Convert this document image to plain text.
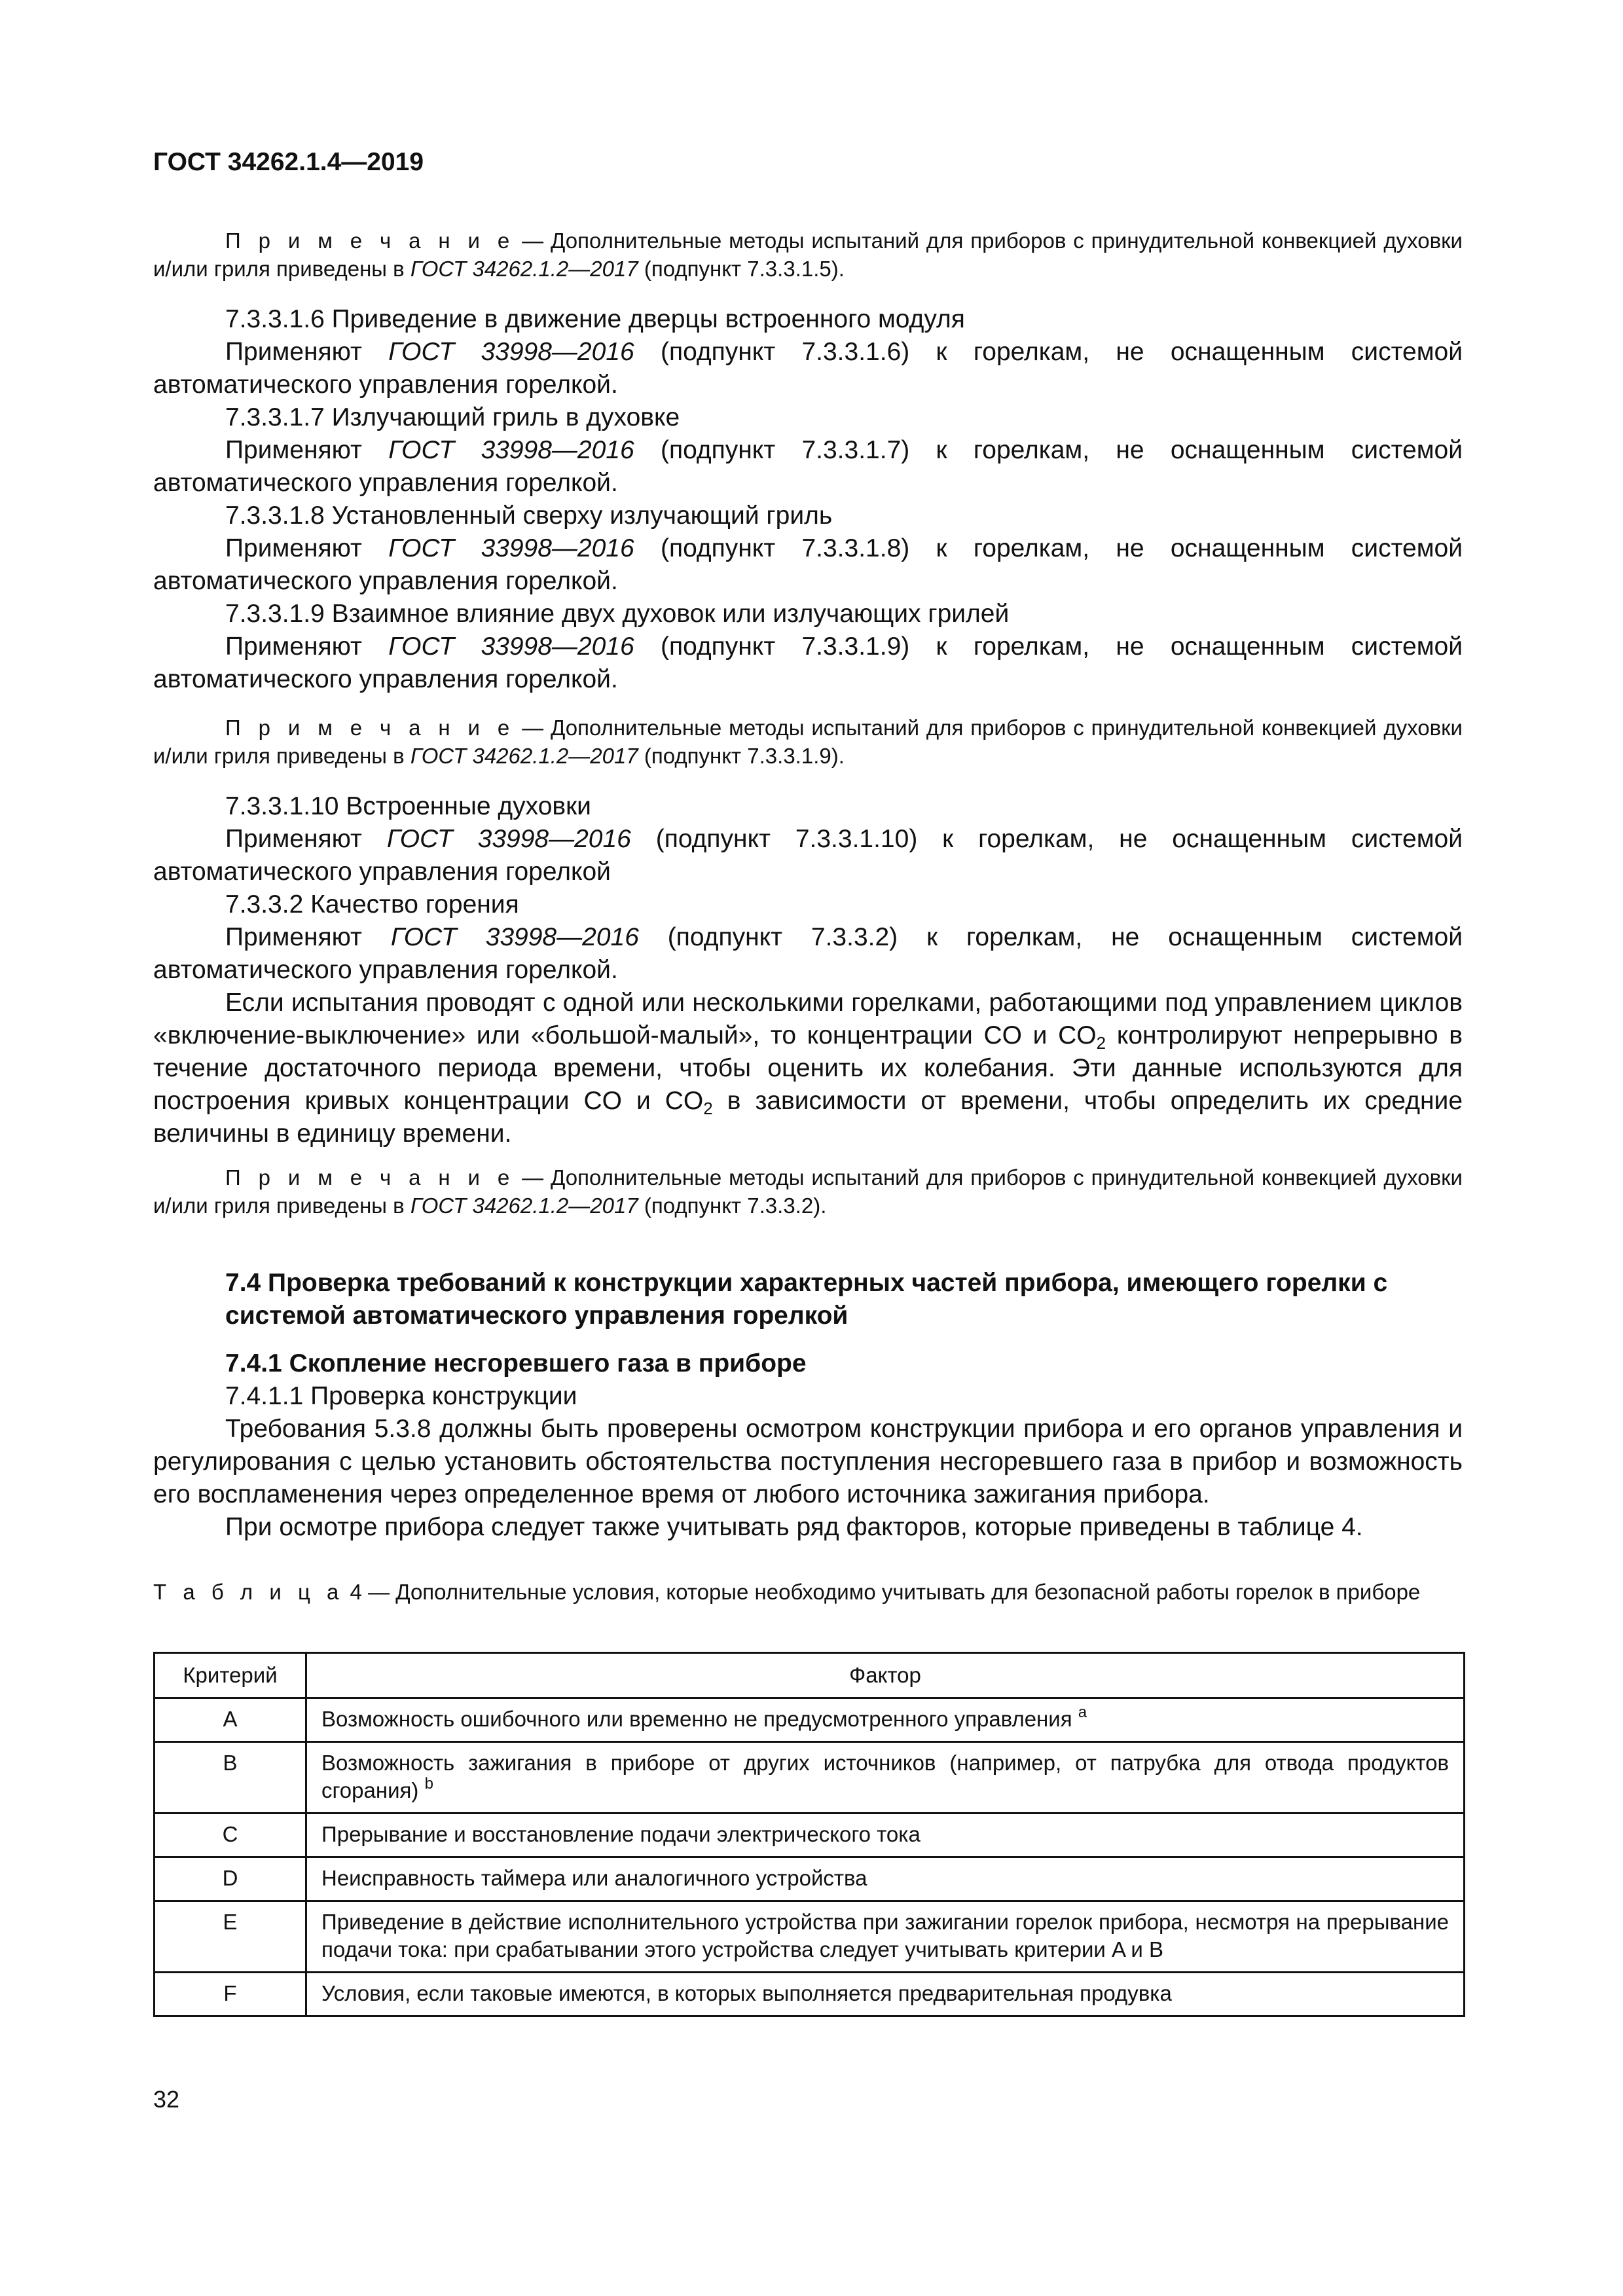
ГОСТ 34262.1.4—2019

П р и м е ч а н и е — Дополнительные методы испытаний для приборов с принудительной конвекцией духовки и/или гриля приведены в ГОСТ 34262.1.2—2017 (подпункт 7.3.3.1.5).

7.3.3.1.6 Приведение в движение дверцы встроенного модуля

Применяют ГОСТ 33998—2016 (подпункт 7.3.3.1.6) к горелкам, не оснащенным системой автоматического управления горелкой.

7.3.3.1.7 Излучающий гриль в духовке

Применяют ГОСТ 33998—2016 (подпункт 7.3.3.1.7) к горелкам, не оснащенным системой автоматического управления горелкой.

7.3.3.1.8 Установленный сверху излучающий гриль

Применяют ГОСТ 33998—2016 (подпункт 7.3.3.1.8) к горелкам, не оснащенным системой автоматического управления горелкой.

7.3.3.1.9 Взаимное влияние двух духовок или излучающих грилей

Применяют ГОСТ 33998—2016 (подпункт 7.3.3.1.9) к горелкам, не оснащенным системой автоматического управления горелкой.

П р и м е ч а н и е — Дополнительные методы испытаний для приборов с принудительной конвекцией духовки и/или гриля приведены в ГОСТ 34262.1.2—2017 (подпункт 7.3.3.1.9).

7.3.3.1.10 Встроенные духовки

Применяют ГОСТ 33998—2016 (подпункт 7.3.3.1.10) к горелкам, не оснащенным системой автоматического управления горелкой

7.3.3.2 Качество горения

Применяют ГОСТ 33998—2016 (подпункт 7.3.3.2) к горелкам, не оснащенным системой автоматического управления горелкой.

Если испытания проводят с одной или несколькими горелками, работающими под управлением циклов «включение-выключение» или «большой-малый», то концентрации CO и $CO_2$ контролируют непрерывно в течение достаточного периода времени, чтобы оценить их колебания. Эти данные используются для построения кривых концентрации CO и $CO_2$ в зависимости от времени, чтобы определить их средние величины в единицу времени.

П р и м е ч а н и е — Дополнительные методы испытаний для приборов с принудительной конвекцией духовки и/или гриля приведены в ГОСТ 34262.1.2—2017 (подпункт 7.3.3.2).

7.4 Проверка требований к конструкции характерных частей прибора, имеющего горелки с системой автоматического управления горелкой

7.4.1 Скопление несгоревшего газа в приборе

7.4.1.1 Проверка конструкции

Требования 5.3.8 должны быть проверены осмотром конструкции прибора и его органов управления и регулирования с целью установить обстоятельства поступления несгоревшего газа в прибор и возможность его воспламенения через определенное время от любого источника зажигания прибора.

При осмотре прибора следует также учитывать ряд факторов, которые приведены в таблице 4.

Т а б л и ц а 4 — Дополнительные условия, которые необходимо учитывать для безопасной работы горелок в приборе

Критерий	Фактор
A	Возможность ошибочного или временно не предусмотренного управления $^a$
B	Возможность зажигания в приборе от других источников (например, от патрубка для отвода продуктов сгорания) $^b$
C	Прерывание и восстановление подачи электрического тока
D	Неисправность таймера или аналогичного устройства
E	Приведение в действие исполнительного устройства при зажигании горелок прибора, несмотря на прерывание подачи тока: при срабатывании этого устройства следует учитывать критерии A и B
F	Условия, если таковые имеются, в которых выполняется предварительная продувка
32
